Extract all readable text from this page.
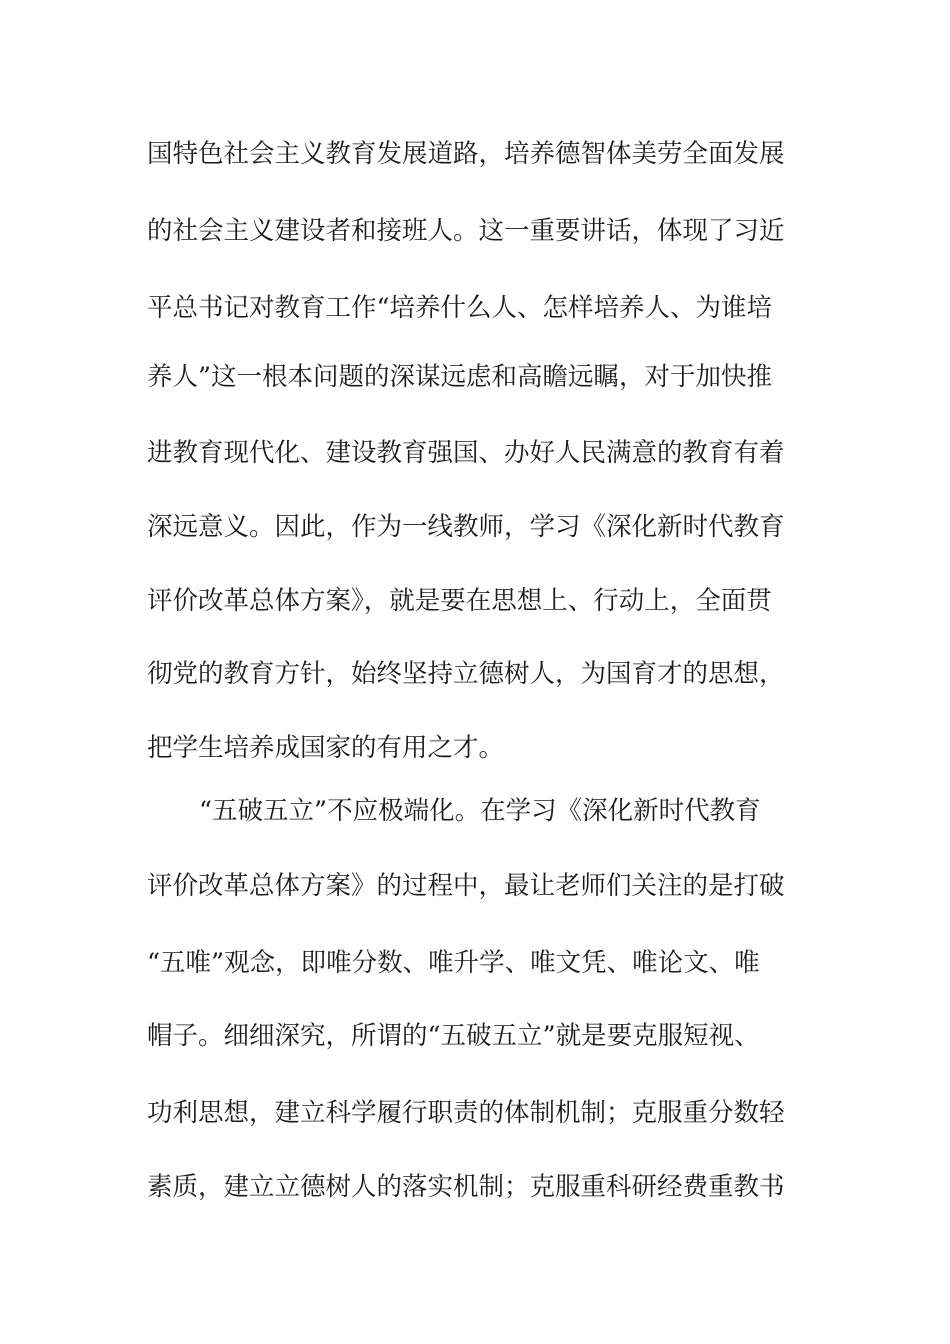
国特色社会主义教育发展道路，培养德智体美劳全面发展
的社会主义建设者和接班人。这一重要讲话，体现了习近
平总书记对教育工作“培养什么人、怎样培养人、为谁培
养人”这一根本问题的深谋远虑和高瞻远瞩，对于加快推
进教育现代化、建设教育强国、办好人民满意的教育有着
深远意义。因此，作为一线教师，学习《深化新时代教育
评价改革总体方案》，就是要在思想上、行动上，全面贯
彻党的教育方针，始终坚持立德树人，为国育才的思想，
把学生培养成国家的有用之才。
“五破五立”不应极端化。在学习《深化新时代教育
评价改革总体方案》的过程中，最让老师们关注的是打破
“五唯”观念，即唯分数、唯升学、唯文凭、唯论文、唯
帽子。细细深究，所谓的“五破五立”就是要克服短视、
功利思想，建立科学履行职责的体制机制；克服重分数轻
素质，建立立德树人的落实机制；克服重科研经费重教书
